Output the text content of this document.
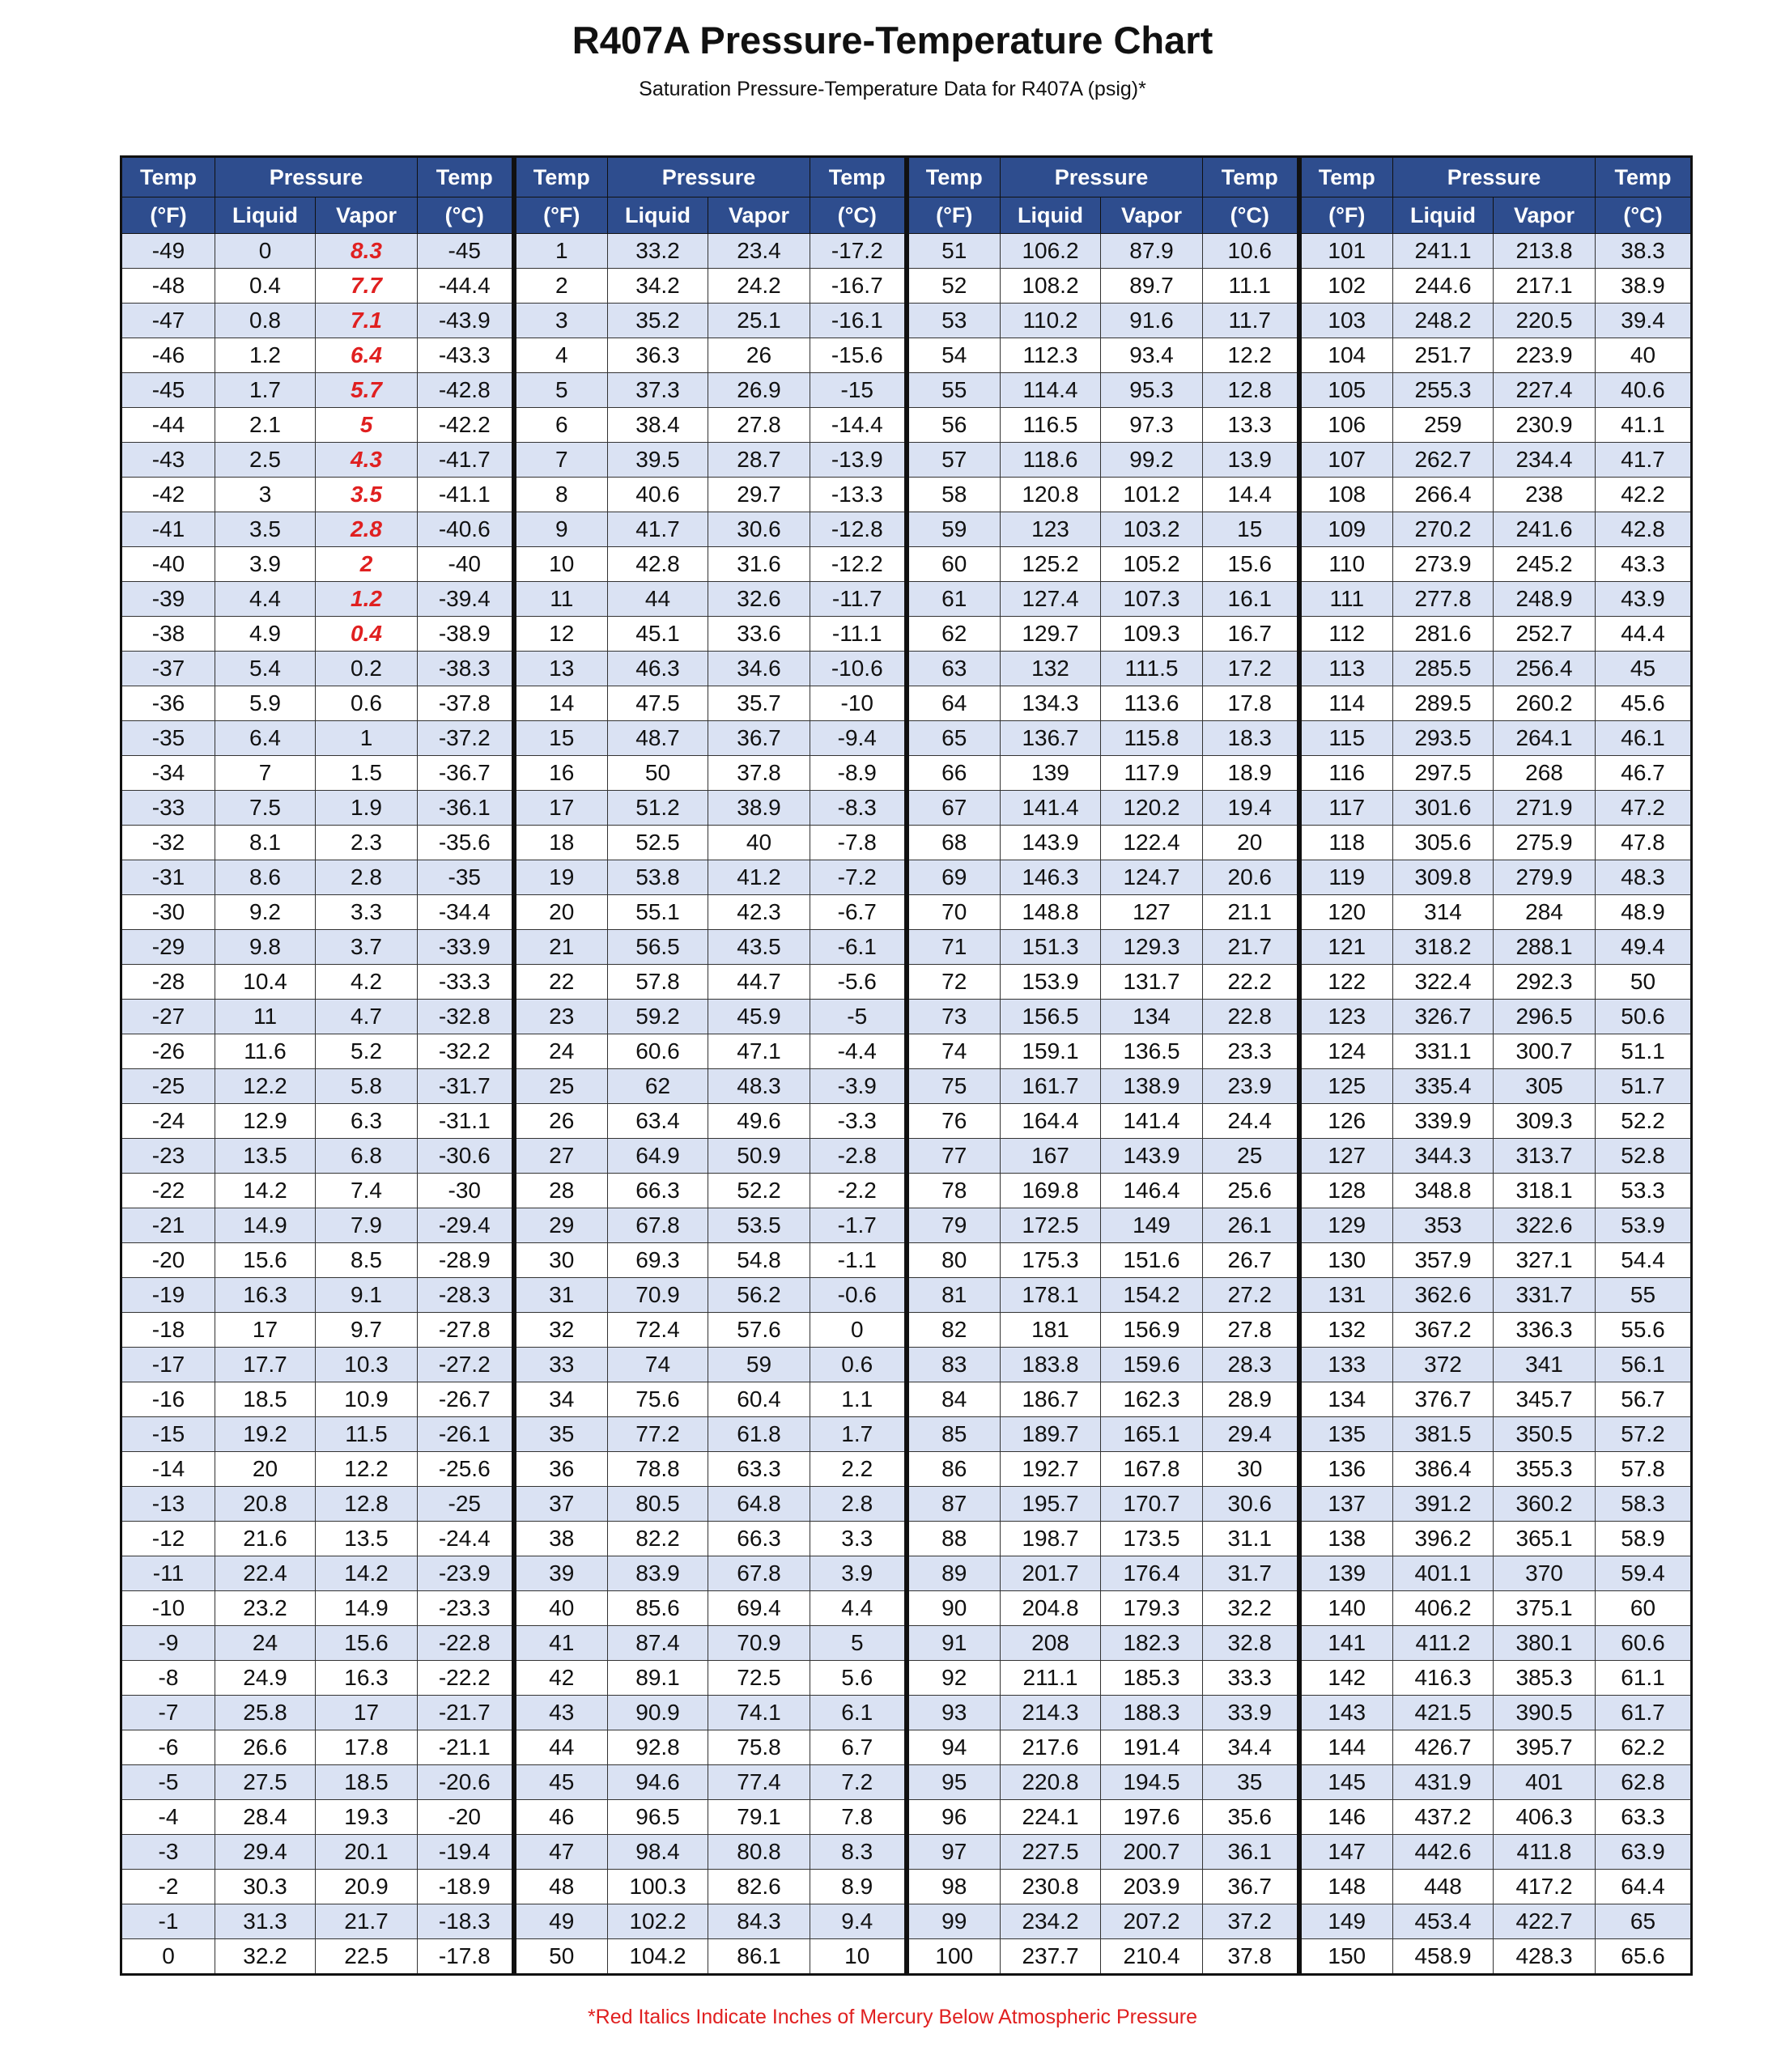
R407A Pressure-Temperature Chart
Saturation Pressure-Temperature Data for R407A (psig)*
Temp	Pressure		Temp	Temp	Pressure		Temp	Temp	Pressure		Temp	Temp	Pressure		Temp
(°F)	Liquid	Vapor	(°C)	(°F)	Liquid	Vapor	(°C)	(°F)	Liquid	Vapor	(°C)	(°F)	Liquid	Vapor	(°C)
-49	0	8.3	-45	1	33.2	23.4	-17.2	51	106.2	87.9	10.6	101	241.1	213.8	38.3
-48	0.4	7.7	-44.4	2	34.2	24.2	-16.7	52	108.2	89.7	11.1	102	244.6	217.1	38.9
-47	0.8	7.1	-43.9	3	35.2	25.1	-16.1	53	110.2	91.6	11.7	103	248.2	220.5	39.4
-46	1.2	6.4	-43.3	4	36.3	26	-15.6	54	112.3	93.4	12.2	104	251.7	223.9	40
-45	1.7	5.7	-42.8	5	37.3	26.9	-15	55	114.4	95.3	12.8	105	255.3	227.4	40.6
-44	2.1	5	-42.2	6	38.4	27.8	-14.4	56	116.5	97.3	13.3	106	259	230.9	41.1
-43	2.5	4.3	-41.7	7	39.5	28.7	-13.9	57	118.6	99.2	13.9	107	262.7	234.4	41.7
-42	3	3.5	-41.1	8	40.6	29.7	-13.3	58	120.8	101.2	14.4	108	266.4	238	42.2
-41	3.5	2.8	-40.6	9	41.7	30.6	-12.8	59	123	103.2	15	109	270.2	241.6	42.8
-40	3.9	2	-40	10	42.8	31.6	-12.2	60	125.2	105.2	15.6	110	273.9	245.2	43.3
-39	4.4	1.2	-39.4	11	44	32.6	-11.7	61	127.4	107.3	16.1	111	277.8	248.9	43.9
-38	4.9	0.4	-38.9	12	45.1	33.6	-11.1	62	129.7	109.3	16.7	112	281.6	252.7	44.4
-37	5.4	0.2	-38.3	13	46.3	34.6	-10.6	63	132	111.5	17.2	113	285.5	256.4	45
-36	5.9	0.6	-37.8	14	47.5	35.7	-10	64	134.3	113.6	17.8	114	289.5	260.2	45.6
-35	6.4	1	-37.2	15	48.7	36.7	-9.4	65	136.7	115.8	18.3	115	293.5	264.1	46.1
-34	7	1.5	-36.7	16	50	37.8	-8.9	66	139	117.9	18.9	116	297.5	268	46.7
-33	7.5	1.9	-36.1	17	51.2	38.9	-8.3	67	141.4	120.2	19.4	117	301.6	271.9	47.2
-32	8.1	2.3	-35.6	18	52.5	40	-7.8	68	143.9	122.4	20	118	305.6	275.9	47.8
-31	8.6	2.8	-35	19	53.8	41.2	-7.2	69	146.3	124.7	20.6	119	309.8	279.9	48.3
-30	9.2	3.3	-34.4	20	55.1	42.3	-6.7	70	148.8	127	21.1	120	314	284	48.9
-29	9.8	3.7	-33.9	21	56.5	43.5	-6.1	71	151.3	129.3	21.7	121	318.2	288.1	49.4
-28	10.4	4.2	-33.3	22	57.8	44.7	-5.6	72	153.9	131.7	22.2	122	322.4	292.3	50
-27	11	4.7	-32.8	23	59.2	45.9	-5	73	156.5	134	22.8	123	326.7	296.5	50.6
-26	11.6	5.2	-32.2	24	60.6	47.1	-4.4	74	159.1	136.5	23.3	124	331.1	300.7	51.1
-25	12.2	5.8	-31.7	25	62	48.3	-3.9	75	161.7	138.9	23.9	125	335.4	305	51.7
-24	12.9	6.3	-31.1	26	63.4	49.6	-3.3	76	164.4	141.4	24.4	126	339.9	309.3	52.2
-23	13.5	6.8	-30.6	27	64.9	50.9	-2.8	77	167	143.9	25	127	344.3	313.7	52.8
-22	14.2	7.4	-30	28	66.3	52.2	-2.2	78	169.8	146.4	25.6	128	348.8	318.1	53.3
-21	14.9	7.9	-29.4	29	67.8	53.5	-1.7	79	172.5	149	26.1	129	353	322.6	53.9
-20	15.6	8.5	-28.9	30	69.3	54.8	-1.1	80	175.3	151.6	26.7	130	357.9	327.1	54.4
-19	16.3	9.1	-28.3	31	70.9	56.2	-0.6	81	178.1	154.2	27.2	131	362.6	331.7	55
-18	17	9.7	-27.8	32	72.4	57.6	0	82	181	156.9	27.8	132	367.2	336.3	55.6
-17	17.7	10.3	-27.2	33	74	59	0.6	83	183.8	159.6	28.3	133	372	341	56.1
-16	18.5	10.9	-26.7	34	75.6	60.4	1.1	84	186.7	162.3	28.9	134	376.7	345.7	56.7
-15	19.2	11.5	-26.1	35	77.2	61.8	1.7	85	189.7	165.1	29.4	135	381.5	350.5	57.2
-14	20	12.2	-25.6	36	78.8	63.3	2.2	86	192.7	167.8	30	136	386.4	355.3	57.8
-13	20.8	12.8	-25	37	80.5	64.8	2.8	87	195.7	170.7	30.6	137	391.2	360.2	58.3
-12	21.6	13.5	-24.4	38	82.2	66.3	3.3	88	198.7	173.5	31.1	138	396.2	365.1	58.9
-11	22.4	14.2	-23.9	39	83.9	67.8	3.9	89	201.7	176.4	31.7	139	401.1	370	59.4
-10	23.2	14.9	-23.3	40	85.6	69.4	4.4	90	204.8	179.3	32.2	140	406.2	375.1	60
-9	24	15.6	-22.8	41	87.4	70.9	5	91	208	182.3	32.8	141	411.2	380.1	60.6
-8	24.9	16.3	-22.2	42	89.1	72.5	5.6	92	211.1	185.3	33.3	142	416.3	385.3	61.1
-7	25.8	17	-21.7	43	90.9	74.1	6.1	93	214.3	188.3	33.9	143	421.5	390.5	61.7
-6	26.6	17.8	-21.1	44	92.8	75.8	6.7	94	217.6	191.4	34.4	144	426.7	395.7	62.2
-5	27.5	18.5	-20.6	45	94.6	77.4	7.2	95	220.8	194.5	35	145	431.9	401	62.8
-4	28.4	19.3	-20	46	96.5	79.1	7.8	96	224.1	197.6	35.6	146	437.2	406.3	63.3
-3	29.4	20.1	-19.4	47	98.4	80.8	8.3	97	227.5	200.7	36.1	147	442.6	411.8	63.9
-2	30.3	20.9	-18.9	48	100.3	82.6	8.9	98	230.8	203.9	36.7	148	448	417.2	64.4
-1	31.3	21.7	-18.3	49	102.2	84.3	9.4	99	234.2	207.2	37.2	149	453.4	422.7	65
0	32.2	22.5	-17.8	50	104.2	86.1	10	100	237.7	210.4	37.8	150	458.9	428.3	65.6
*Red Italics Indicate Inches of Mercury Below Atmospheric Pressure
